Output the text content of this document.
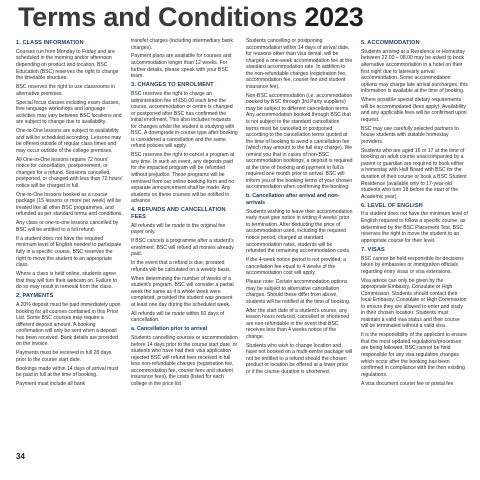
Terms and Conditions 2023
1. CLASS INFORMATION

Courses run from Monday to Friday and are scheduled in the morning and/or afternoon depending on product and location. BSC Education (BSC) reserves the right to change the timetable structure.

BSC reserves the right to use classrooms in alternative premises.

Special focus classes including exam classes, free language workshops and language activities may vary between BSC locations and are subject to change due to availability.

One-to-One lessons are subject to availability and will be scheduled according. Lessons may be offered outside of regular class times and may occur outside of the college premises.

All One-to-One lessons require 72 hours' notice for cancellation, postponement, or changes for a refund. Sessions cancelled, postponed, or changed with less than 72 hours' notice will be charged in full.

One-to-One lessons booked as a course package (15 lessons or more per week) will be treated like all other BSC programmes, and refunded as per standard terms and conditions.

Any class or one-to-one lessons cancelled by BSC will be entitled to a full refund.

If a student does not have the required minimum level of English needed to participate fully in a specific course, BSC reserves the right to move the student to an appropriate class.

Where a class is held online, students agree that they will turn their webcam on. Failure to do so may result in removal from the class.

2. PAYMENTS

A 20% deposit must be paid immediately upon booking for all courses contained in this Price List. Some BSC courses may require a different deposit amount. A booking confirmation will only be sent when a deposit has been received. Bank details are provided on the invoice.

Payments must be received in full 28 days prior to the course start date.

Bookings made within 14 days of arrival must be paid in full at the time of booking.

Payment must include all bank

transfer charges (including intermediary bank charges).

Payment plans are available for courses and accommodation longer than 12 weeks. For further details, please speak with your BSC team.

3. CHANGES TO ENROLMENT

BSC reserves the right to charge an administration fee of £50.00 each time the course, accommodation or centre is changed or postponed after BSC has confirmed the initial enrolment. This also includes requests for changes whilst the student is studying with BSC. A downgrade in course type after booking is considered a cancellation and the same refund policies will apply.

BSC reserves the right to cancel a program at any time. In such an event, any deposits paid for the impacted program will be refunded without prejudice. These programs will be removed from our online booking form and no separate announcement shall be made. Any students on these courses will be notified in advance.

4. REFUNDS AND CANCELLATION FEES

All refunds will be made to the original fee payer only.

If BSC cancels a programme after a student's enrolment, BSC will refund all monies already paid.

In the event that a refund is due, prorated refunds will be calculated on a weekly basis.

When determining the number of weeks of a student's program, BSC will consider a partial week the same as if a whole week were completed, provided the student was present at least one day during the scheduled week.

All refunds will be made within 60 days of cancellation.

a. Cancellation prior to arrival

Students cancelling courses or accommodation before 14 days prior to the course start date, or students who have had their visa application rejected BSC will refund fees received in full less non-refundable charges (registration fee, accommodation fee, courier fees and student insurance fees), the costs (listed for each college in the price list

Students cancelling or postponing accommodation within 14 days of arrival date, for reasons other than visa denial, will be charged a one-week accommodation fee at the standard accommodation rate. In addition to the non-refundable charges (registration fee, accommodation fee, courier fee and student insurance fee).

Non-BSC accommodation (i.e. accommodation booked by BSC through 3rd Party suppliers) may be subject to different cancellation terms. Any accommodation booked through BSC that is not subject to the standard cancellation terms must be cancelled or postponed according to the cancellation terms quoted at the time of booking to avoid a cancellation fee (which may amount to the full stay charge). We remind you that in cases of non-BSC accommodation bookings, a deposit is required at the time of booking and payment in full is required one month prior to arrival. BSC will inform you of the booking terms of your chosen accommodation when confirming the booking.

b. Cancellation after arrival and non-arrivals

Students wishing to leave their accommodation early must give notice in writing 4 weeks' prior to termination. After deducting the price of accommodation used, including the required notice period, charged at standard accommodation rates, students will be refunded the remaining accommodation costs.

If the 4-week notice period is not provided, a cancellation fee equal to 4 weeks of the accommodation cost will apply.

Please note: Certain accommodation options may be subject to alternative cancellation charges. Should these differ from above, students will be notified at the time of booking.

After the start date of a student's course, any lesson hours reduced, cancelled or shortened are non-refundable in the event that BSC receives less than 4 weeks notice of the change.

Students who wish to change location and have not booked on a multi-centre package will not be entitled to a refund should the chosen product or location be offered at a lower price or if the course duration is shortened.

5. ACCOMMODATION

Students arriving at a Residence or Homestay between 22.00 – 08.00 may be asked to book alternative accommodation in a hotel on their first night due to late/early arrival accommodation. Some accommodation options may charge late arrival surcharges, this information is available at the time of booking.

Where possible special dietary requirements will be accommodated (fees apply). Availability and any applicable fees will be confirmed upon request.

BSC may use carefully selected partners to house students with suitable homestay providers.

Students who are aged 16 or 17 at the time of booking an adult course unaccompanied by a parent or guardian are required to book either a homestay with Half Board with BSC for the duration of their course or book a BSC Student Residence (available only to 17-year-old students who turn 18 before the start of the Academic year).

6. LEVEL OF ENGLISH

If a student does not have the minimum level of English required to follow a specific course, as determined by the BSC Placement Test, BSC reserves the right to move the student to an appropriate course for their level.

7. VISAS

BSC cannot be held responsible for decisions taken by embassies or immigration officials regarding entry visas or visa extensions.

Visa advice can only be given by the appropriate Embassy, Consulate or High Commission. Students should contact their local Embassy, Consulate or High Commission to ensure they are allowed to enter and study in their chosen location. Students must maintain a valid visa status and their course will be terminated without a valid visa.

It is the responsibility of the applicant to ensure that the most updated regulations/processes are being followed. BSC cannot be held responsible for any visa regulation changes which occur after the booking has been confirmed in compliance with the then existing regulations.

A visa document courier fee or postal fee

34
